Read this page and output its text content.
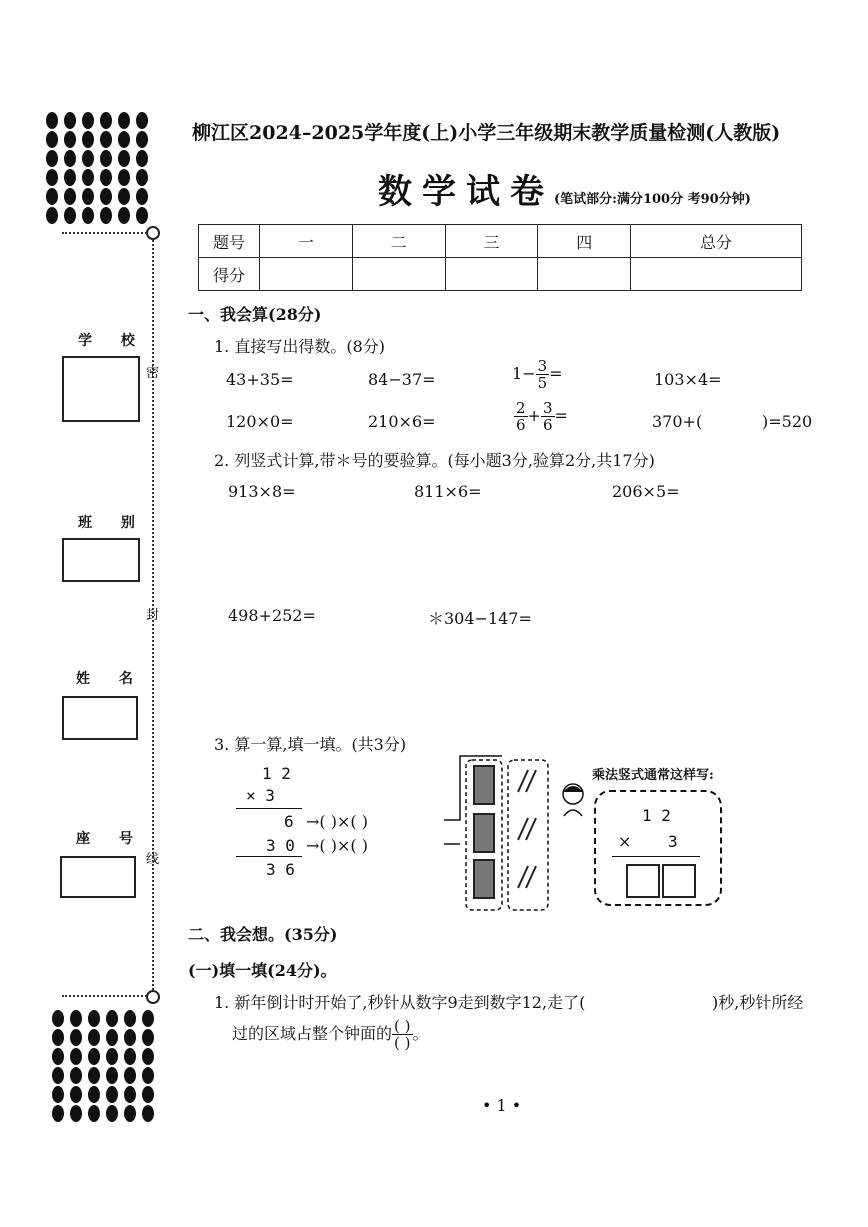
密
封
线
学 校
班 别
姓 名
座 号
柳江区2024–2025学年度(上)小学三年级期末教学质量检测(人教版)
数学试卷(笔试部分:满分100分 考90分钟)
题号	一	二	三	四	总分
得分					
一、我会算(28分)
1. 直接写出得数。(8分)
43+35=	84−37=	$1- \frac{3}{5}$ =	103×4=
120×0=	210×6=	$\frac{2}{6} + \frac{3}{6}$ =	370+(	)=520
2. 列竖式计算,带＊号的要验算。(每小题3分,验算2分,共17分)
913×8=	811×6=	206×5=
498+252=	＊304−147=
3. 算一算,填一填。(共3分)
1 2
× 3
6
3 0
3 6
→( )×( )
→( )×( )
乘法竖式通常这样写:
1 2
× 3
二、我会想。(35分)
(一)填一填(24分)。
1. 新年倒计时开始了,秒针从数字9走到数字12,走了(	)秒,秒针所经
过的区域占整个钟面的 $\frac{( )}{( )}$ 。
• 1 •
